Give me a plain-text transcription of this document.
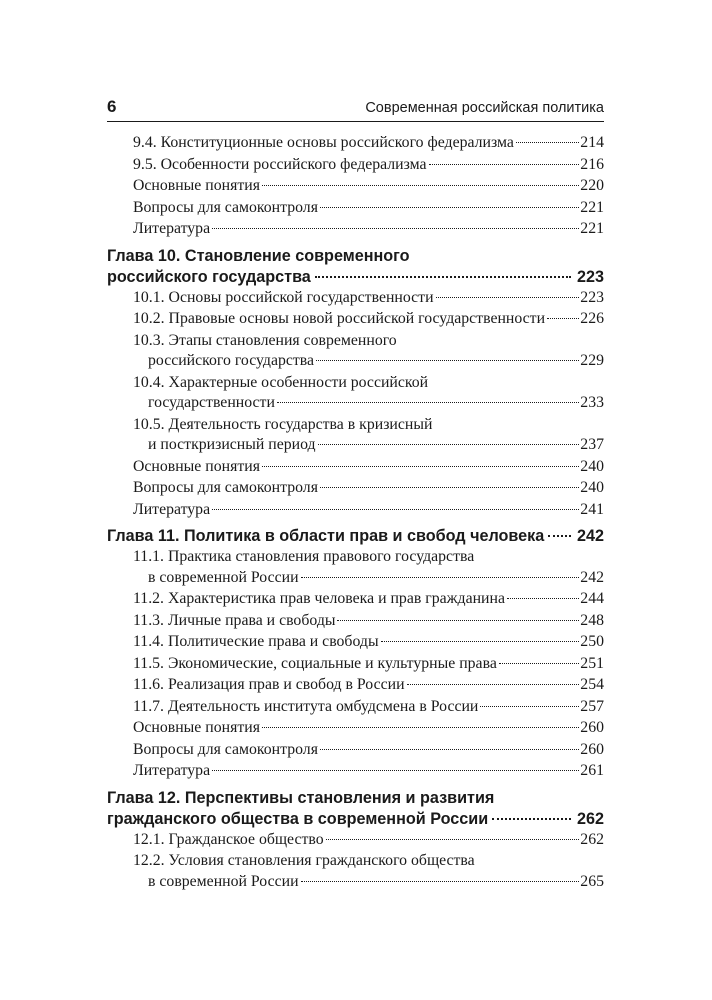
6	Современная российская политика
9.4. Конституционные основы российского федерализма	214
9.5. Особенности российского федерализма	216
Основные понятия	220
Вопросы для самоконтроля	221
Литература	221
Глава 10. Становление современного
российского государства	223
10.1. Основы российской государственности	223
10.2. Правовые основы новой российской государственности 226
10.3. Этапы становления современного
российского государства	229
10.4. Характерные особенности российской
государственности	233
10.5. Деятельность государства в кризисный
и посткризисный период	237
Основные понятия	240
Вопросы для самоконтроля	240
Литература	241
Глава 11. Политика в области прав и свобод человека 242
11.1. Практика становления правового государства
в современной России	242
11.2. Характеристика прав человека и прав гражданина	244
11.3. Личные права и свободы	248
11.4. Политические права и свободы	250
11.5. Экономические, социальные и культурные права	251
11.6. Реализация прав и свобод в России	254
11.7. Деятельность института омбудсмена в России	257
Основные понятия	260
Вопросы для самоконтроля	260
Литература	261
Глава 12. Перспективы становления и развития
гражданского общества в современной России	262
12.1. Гражданское общество	262
12.2. Условия становления гражданского общества
в современной России	265
